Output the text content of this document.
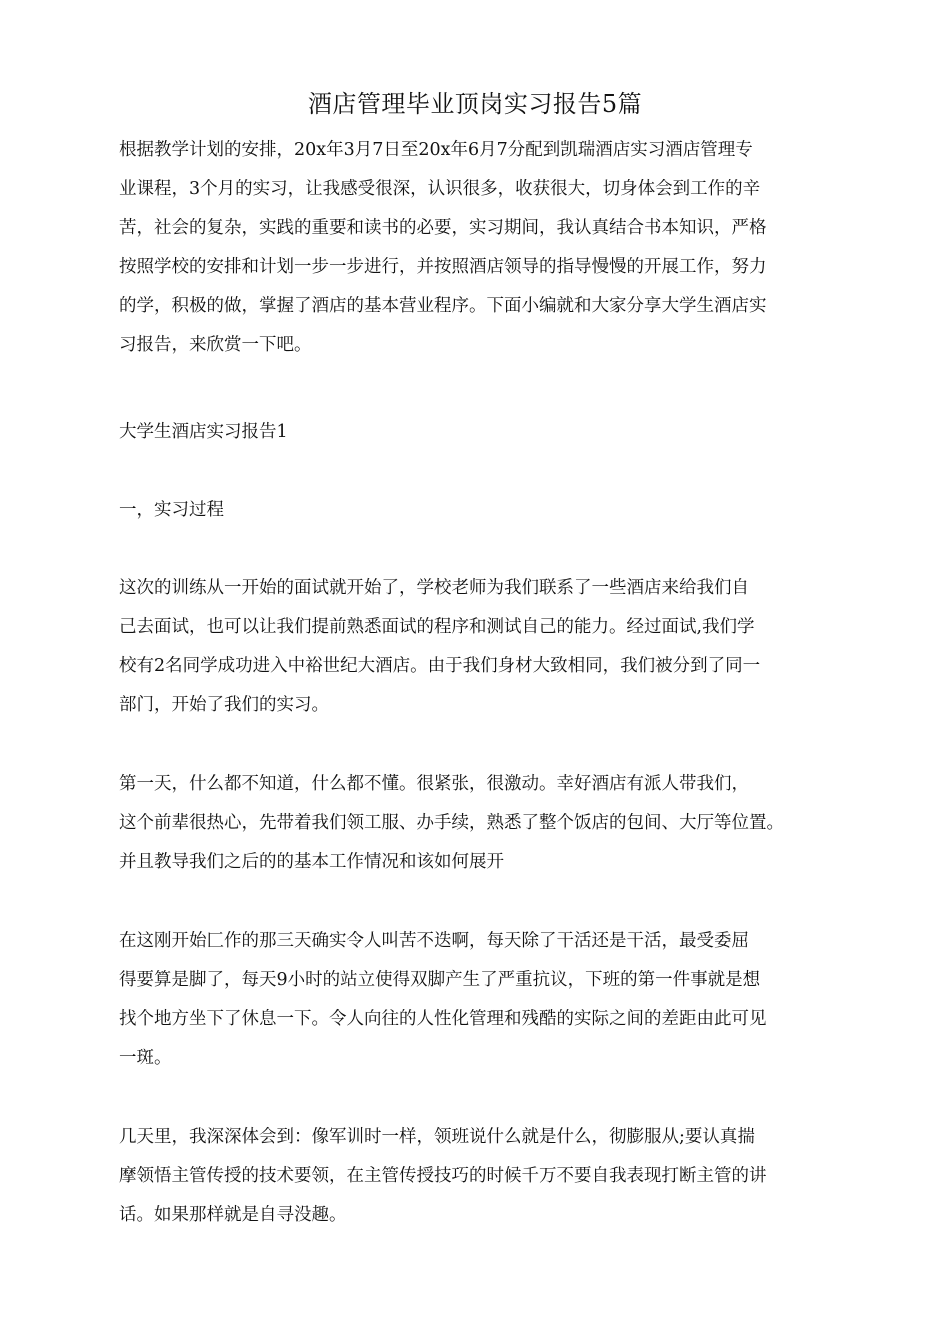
酒店管理毕业顶岗实习报告5篇
根据教学计划的安排，20x年3月7日至20x年6月7分配到凯瑞酒店实习酒店管理专
业课程，3个月的实习，让我感受很深，认识很多，收获很大，切身体会到工作的辛
苦，社会的复杂，实践的重要和读书的必要，实习期间，我认真结合书本知识，严格
按照学校的安排和计划一步一步进行，并按照酒店领导的指导慢慢的开展工作，努力
的学，积极的做，掌握了酒店的基本营业程序。下面小编就和大家分享大学生酒店实
习报告，来欣赏一下吧。
大学生酒店实习报告1
一，实习过程
这次的训练从一开始的面试就开始了，学校老师为我们联系了一些酒店来给我们自
己去面试，也可以让我们提前熟悉面试的程序和测试自己的能力。经过面试,我们学
校有2名同学成功进入中裕世纪大酒店。由于我们身材大致相同，我们被分到了同一
部门，开始了我们的实习。
第一天，什么都不知道，什么都不懂。很紧张，很激动。幸好酒店有派人带我们，
这个前辈很热心，先带着我们领工服、办手续，熟悉了整个饭店的包间、大厅等位置。
并且教导我们之后的的基本工作情况和该如何展开
在这刚开始匚作的那三天确实令人叫苦不迭啊，每天除了干活还是干活，最受委屈
得要算是脚了，每天9小时的站立使得双脚产生了严重抗议，下班的第一件事就是想
找个地方坐下了休息一下。令人向往的人性化管理和残酷的实际之间的差距由此可见
一斑。
几天里，我深深体会到：像军训时一样，领班说什么就是什么，彻膨服从;要认真揣
摩领悟主管传授的技术要领，在主管传授技巧的时候千万不要自我表现打断主管的讲
话。如果那样就是自寻没趣。
